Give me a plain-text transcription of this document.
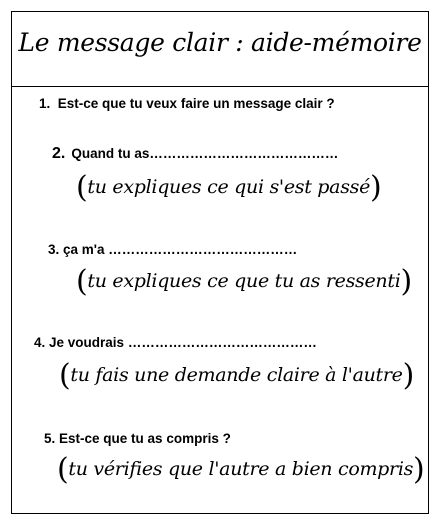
Le message clair : aide-mémoire
1. Est-ce que tu veux faire un message clair ?
2. Quand tu as……………………………………
(tu expliques ce qui s'est passé)
3. ça m'a ……………………………………
(tu expliques ce que tu as ressenti)
4. Je voudrais ……………………………………
(tu fais une demande claire à l'autre)
5. Est-ce que tu as compris ?
(tu vérifies que l'autre a bien compris)
